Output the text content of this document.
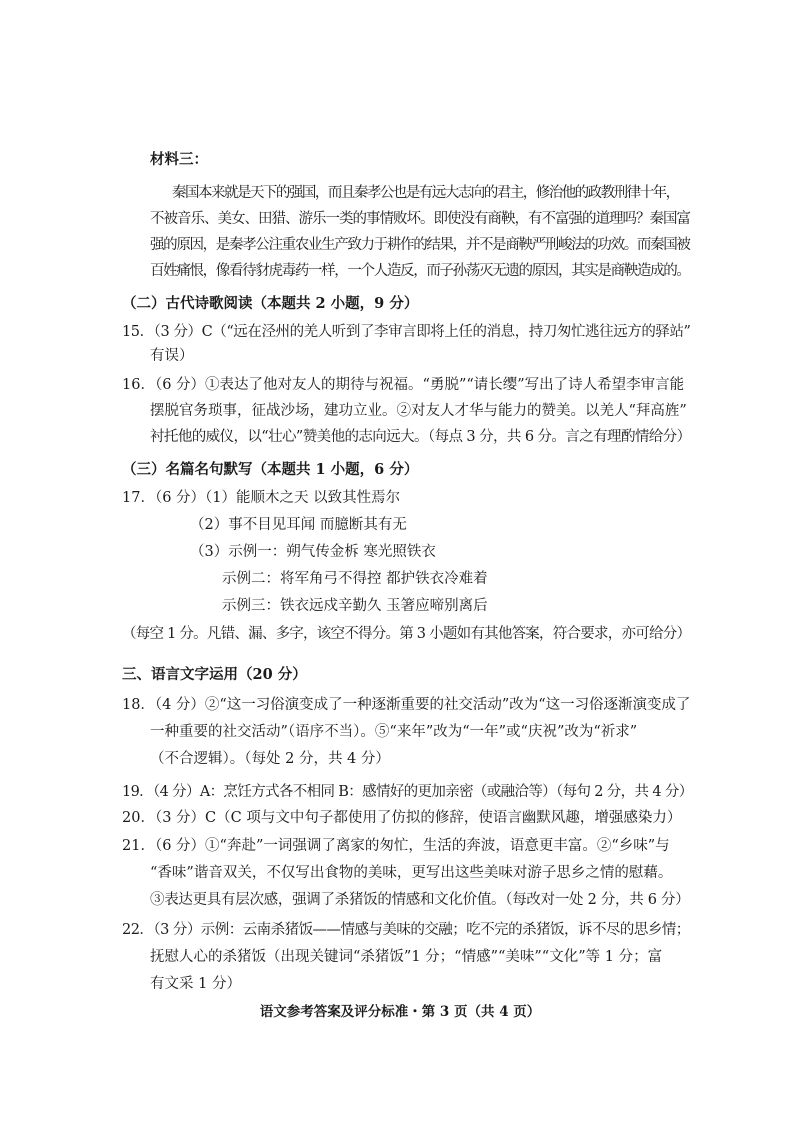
材料三：
秦国本来就是天下的强国，而且秦孝公也是有远大志向的君主，修治他的政教刑律十年，
不被音乐、美女、田猎、游乐一类的事情败坏。即使没有商鞅，有不富强的道理吗？秦国富
强的原因，是秦孝公注重农业生产致力于耕作的结果，并不是商鞅严刑峻法的功效。而秦国被
百姓痛恨，像看待豺虎毒药一样，一个人造反，而子孙荡灭无遗的原因，其实是商鞅造成的。
（二）古代诗歌阅读（本题共 2 小题，9 分）
15．（3 分）C（“远在泾州的羌人听到了李审言即将上任的消息，持刀匆忙逃往远方的驿站”
有误）
16．（6 分）①表达了他对友人的期待与祝福。“勇脱”“请长缨”写出了诗人希望李审言能
摆脱官务琐事，征战沙场，建功立业。②对友人才华与能力的赞美。以羌人“拜高旌”
衬托他的威仪，以“壮心”赞美他的志向远大。（每点 3 分，共 6 分。言之有理酌情给分）
（三）名篇名句默写（本题共 1 小题，6 分）
17．（6 分）（1）能顺木之天 以致其性焉尔
（2）事不目见耳闻 而臆断其有无
（3）示例一：朔气传金柝 寒光照铁衣
示例二：将军角弓不得控 都护铁衣冷难着
示例三：铁衣远戍辛勤久 玉箸应啼别离后
（每空 1 分。凡错、漏、多字，该空不得分。第 3 小题如有其他答案，符合要求，亦可给分）
三、语言文字运用（20 分）
18．（4 分）②“这一习俗演变成了一种逐渐重要的社交活动”改为“这一习俗逐渐演变成了
一种重要的社交活动”（语序不当）。⑤“来年”改为“一年”或“庆祝”改为“祈求”
（不合逻辑）。（每处 2 分，共 4 分）
19．（4 分）A：烹饪方式各不相同 B：感情好的更加亲密（或融洽等）（每句 2 分，共 4 分）
20．（3 分）C（C 项与文中句子都使用了仿拟的修辞，使语言幽默风趣，增强感染力）
21．（6 分）①“奔赴”一词强调了离家的匆忙，生活的奔波，语意更丰富。②“乡味”与
“香味”谐音双关，不仅写出食物的美味，更写出这些美味对游子思乡之情的慰藉。
③表达更具有层次感，强调了杀猪饭的情感和文化价值。（每改对一处 2 分，共 6 分）
22．（3 分）示例：云南杀猪饭——情感与美味的交融；吃不完的杀猪饭，诉不尽的思乡情；
抚慰人心的杀猪饭（出现关键词“杀猪饭”1 分；“情感”“美味”“文化”等 1 分；富
有文采 1 分）
语文参考答案及评分标准・第 3 页（共 4 页）
